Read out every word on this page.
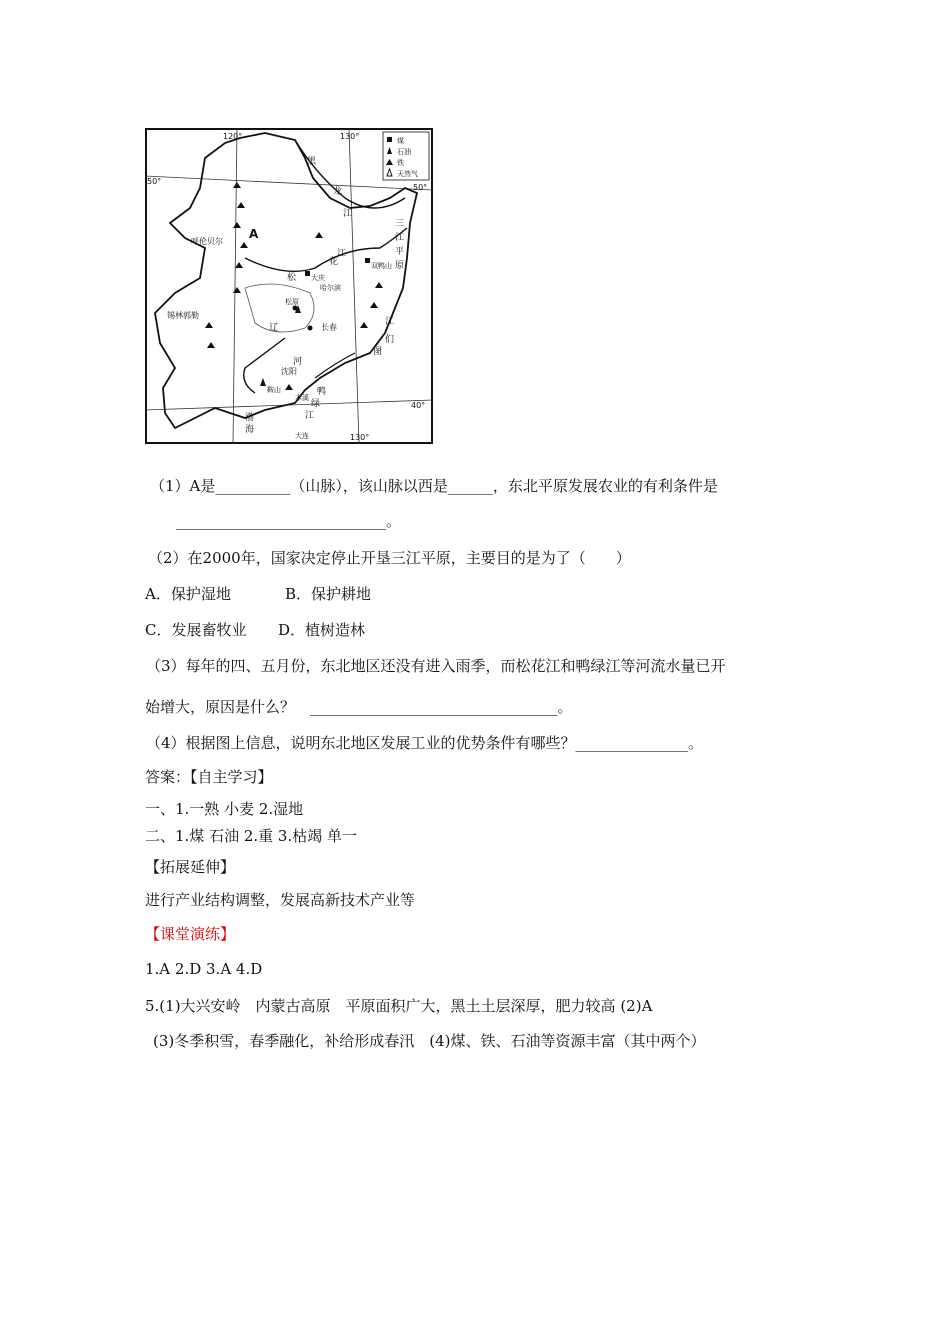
煤
石油
铁
天然气
50°
50°
40°
120°	130°
130°
A
呼伦贝尔
锡林郭勒
大庆
哈尔滨
长春
沈阳
鞍山
本溪
大连
双鸭山
松原
渤
海
黑
龙
江
松
花
江
辽
河
鸭
绿
江
图
们
江
三
江
平
原
（1）A是__________（山脉），该山脉以西是______，东北平原发展农业的有利条件是
____________________________。
（2）在2000年，国家决定停止开垦三江平原，主要目的是为了（　　）
A．保护湿地	B．保护耕地
C．发展畜牧业 D．植树造林
（3）每年的四、五月份，东北地区还没有进入雨季，而松花江和鸭绿江等河流水量已开
始增大，原因是什么？　_________________________________。
（4）根据图上信息，说明东北地区发展工业的优势条件有哪些？_______________。
答案：【自主学习】
一、1.一熟 小麦 2.湿地
二、1.煤 石油 2.重 3.枯竭 单一
【拓展延伸】
进行产业结构调整，发展高新技术产业等
【课堂演练】
1.A 2.D 3.A 4.D
5.(1)大兴安岭　内蒙古高原　平原面积广大，黑土土层深厚，肥力较高 (2)A
(3)冬季积雪，春季融化，补给形成春汛　(4)煤、铁、石油等资源丰富（其中两个）
